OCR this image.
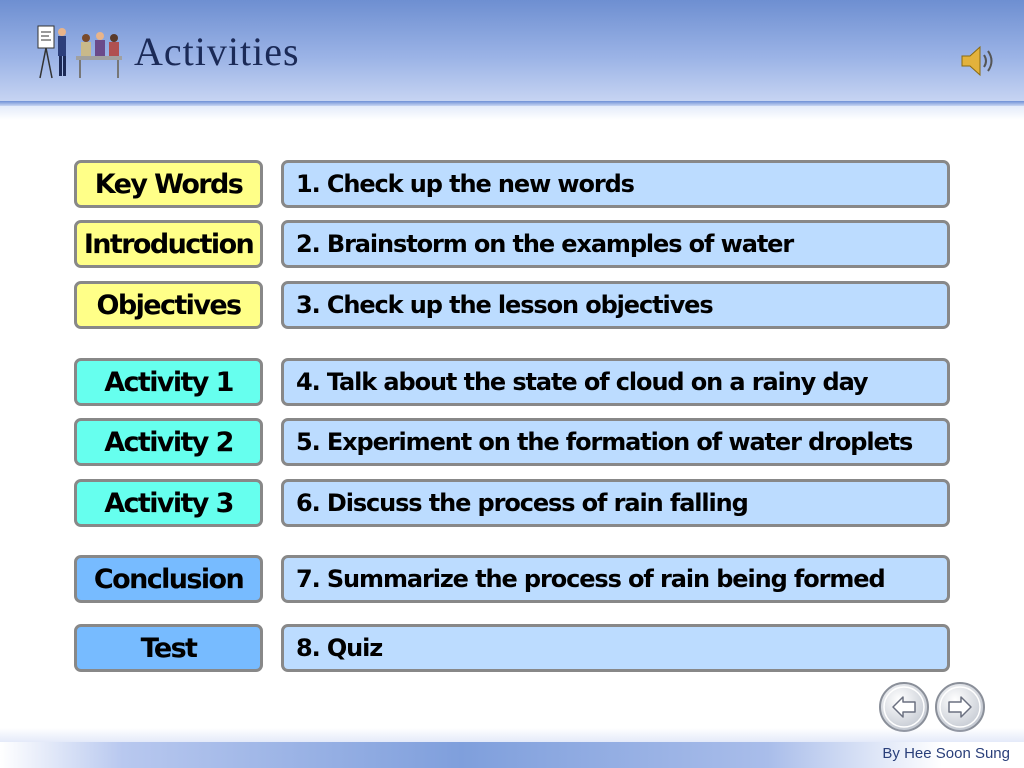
Activities
Key Words	1. Check up the new words
Introduction	2. Brainstorm on the examples of water
Objectives	3. Check up the lesson objectives
Activity 1	4. Talk about the state of cloud on a rainy day
Activity 2	5. Experiment on the formation of water droplets
Activity 3	6. Discuss the process of rain falling
Conclusion	7. Summarize the process of rain being formed
Test	8. Quiz
By Hee Soon Sung
